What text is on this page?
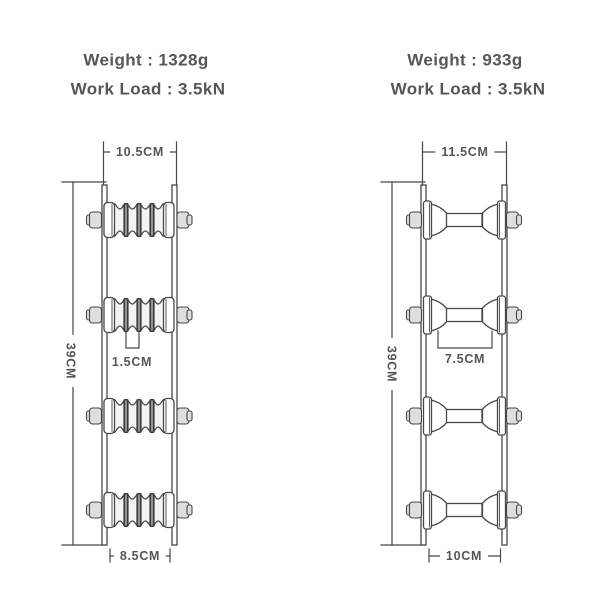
Weight : 1328g
Work Load : 3.5kN
Weight : 933g
Work Load : 3.5kN
10.5CM	11.5CM
39CM	39CM
1.5CM	7.5CM
8.5CM	10CM
